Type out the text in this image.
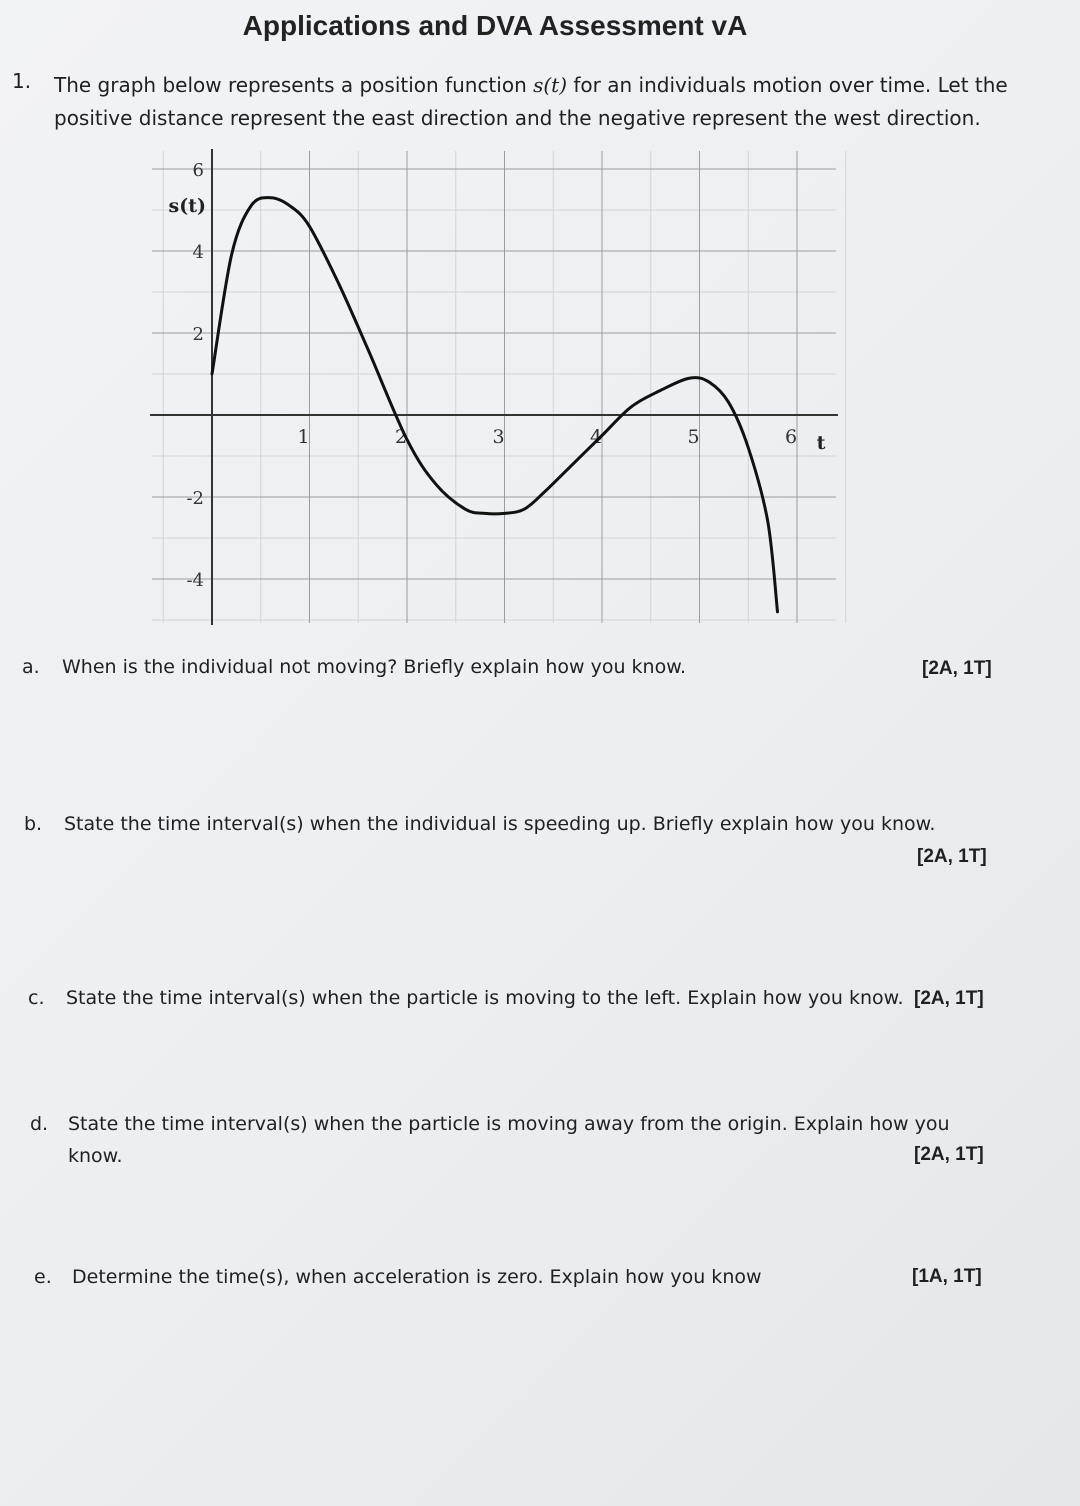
Applications and DVA Assessment vA
1. The graph below represents a position function s(t) for an individuals motion over time. Let the positive distance represent the east direction and the negative represent the west direction.
1	2	3	4	5	6
6
4
2
-2
-4
s(t)
t
a. When is the individual not moving? Briefly explain how you know.	[2A, 1T]
b. State the time interval(s) when the individual is speeding up. Briefly explain how you know.
[2A, 1T]
c. State the time interval(s) when the particle is moving to the left. Explain how you know. [2A, 1T]
d. State the time interval(s) when the particle is moving away from the origin. Explain how you
know.	[2A, 1T]
e. Determine the time(s), when acceleration is zero. Explain how you know	[1A, 1T]
